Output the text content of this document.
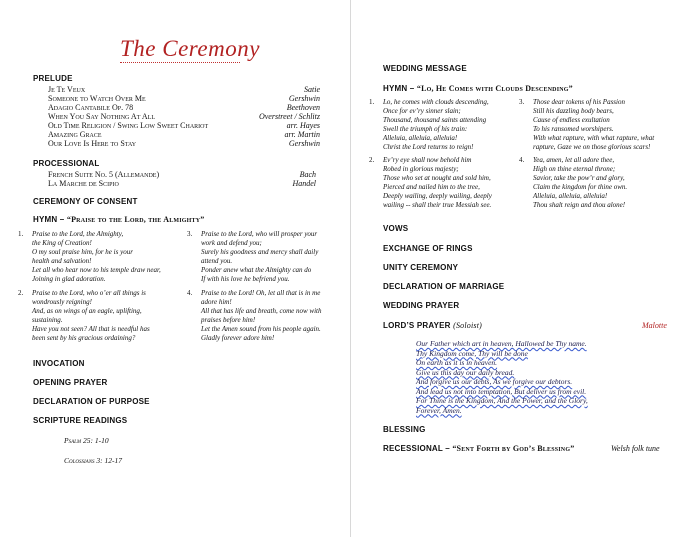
The Ceremony
PRELUDE
Je Te Veux	Satie
Someone to Watch Over Me	Gershwin
Adagio Cantabile Op. 78	Beethoven
When You Say Nothing At All	Overstreet / Schlitz
Old Time Religion / Swing Low Sweet Chariot	arr. Hayes
Amazing Grace	arr. Martin
Our Love Is Here to Stay	Gershwin
PROCESSIONAL
French Suite No. 5 (Allemande)	Bach
La Marche de Scipio	Handel
CEREMONY OF CONSENT
HYMN – “Praise to the Lord, the Almighty”
1. Praise to the Lord, the Almighty,
the King of Creation!
O my soul praise him, for he is your
health and salvation!
Let all who hear now to his temple draw near,
Joining in glad adoration.
2. Praise to the Lord, who o’er all things is
wondrously reigning!
And, as on wings of an eagle, uplifting,
sustaining.
Have you not seen? All that is needful has
been sent by his gracious ordaining?
3. Praise to the Lord, who will prosper your
work and defend you;
Surely his goodness and mercy shall daily
attend you.
Ponder anew what the Almighty can do
If with his love he befriend you.
4. Praise to the Lord! Oh, let all that is in me
adore him!
All that has life and breath, come now with
praises before him!
Let the Amen sound from his people again.
Gladly forever adore him!
INVOCATION
OPENING PRAYER
DECLARATION OF PURPOSE
SCRIPTURE READINGS
Psalm 25: 1-10
Colossians 3: 12-17
WEDDING MESSAGE
HYMN – “Lo, He Comes with Clouds Descending”
1. Lo, he comes with clouds descending,
Once for ev’ry sinner slain;
Thousand, thousand saints attending
Swell the triumph of his train:
Alleluia, alleluia, alleluia!
Christ the Lord returns to reign!
2. Ev’ry eye shall now behold him
Robed in glorious majesty;
Those who set at nought and sold him,
Pierced and nailed him to the tree,
Deeply wailing, deeply wailing, deeply
wailing -- shall their true Messiah see.
3. Those dear tokens of his Passion
Still his dazzling body bears,
Cause of endless exultation
To his ransomed worshipers.
With what rapture, with what rapture, what
rapture, Gaze we on those glorious scars!
4. Yea, amen, let all adore thee,
High on thine eternal throne;
Savior, take the pow’r and glory,
Claim the kingdom for thine own.
Alleluia, alleluia, alleluia!
Thou shalt reign and thou alone!
VOWS
EXCHANGE OF RINGS
UNITY CEREMONY
DECLARATION OF MARRIAGE
WEDDING PRAYER
LORD’S PRAYER (Soloist)	Malotte
Our Father which art in heaven, Hallowed be Thy name.
Thy Kingdom come, Thy will be done
On earth as it is in heaven.
Give us this day our daily bread.
And forgive us our debts, As we forgive our debtors.
And lead us not into temptation, But deliver us from evil.
For Thine is the Kingdom, And the Power, and the Glory,
Forever, Amen.
BLESSING
RECESSIONAL – “Sent Forth by God’s Blessing”	Welsh folk tune
